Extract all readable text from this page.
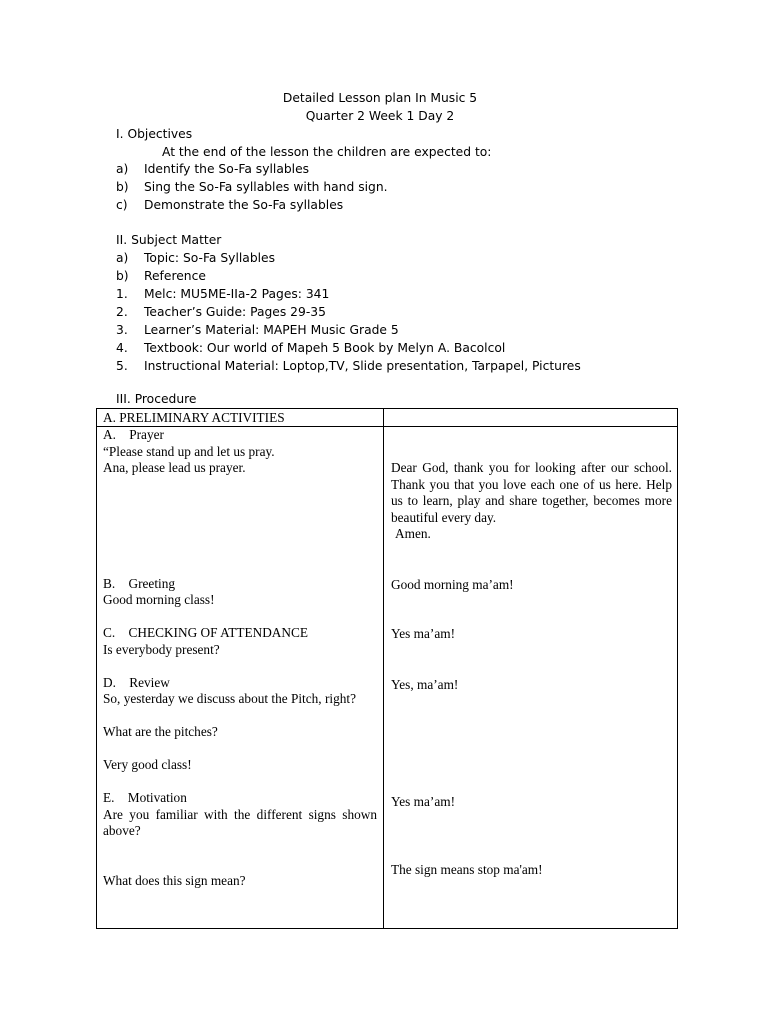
Detailed Lesson plan In Music 5
Quarter 2 Week 1 Day 2
I. Objectives
At the end of the lesson the children are expected to:
a) Identify the So-Fa syllables
b) Sing the So-Fa syllables with hand sign.
c) Demonstrate the So-Fa syllables
II. Subject Matter
a) Topic: So-Fa Syllables
b) Reference
1. Melc: MU5ME-IIa-2 Pages: 341
2. Teacher’s Guide: Pages 29-35
3. Learner’s Material: MAPEH Music Grade 5
4. Textbook: Our world of Mapeh 5 Book by Melyn A. Bacolcol
5. Instructional Material: Loptop,TV, Slide presentation, Tarpapel, Pictures
III. Procedure
A. PRELIMINARY ACTIVITIES
A.    Prayer
“Please stand up and let us pray.
Ana, please lead us prayer.
B.    Greeting
Good morning class!
C.    CHECKING OF ATTENDANCE
Is everybody present?
D.    Review
So, yesterday we discuss about the Pitch, right?
What are the pitches?
Very good class!
E.    Motivation
Are you familiar with the different signs shown above?
What does this sign mean?
Dear God, thank you for looking after our school. Thank you that you love each one of us here. Help us to learn, play and share together, becomes more beautiful every day.
Amen.
Good morning ma’am!
Yes ma’am!
Yes, ma’am!
Yes ma’am!
The sign means stop ma'am!
